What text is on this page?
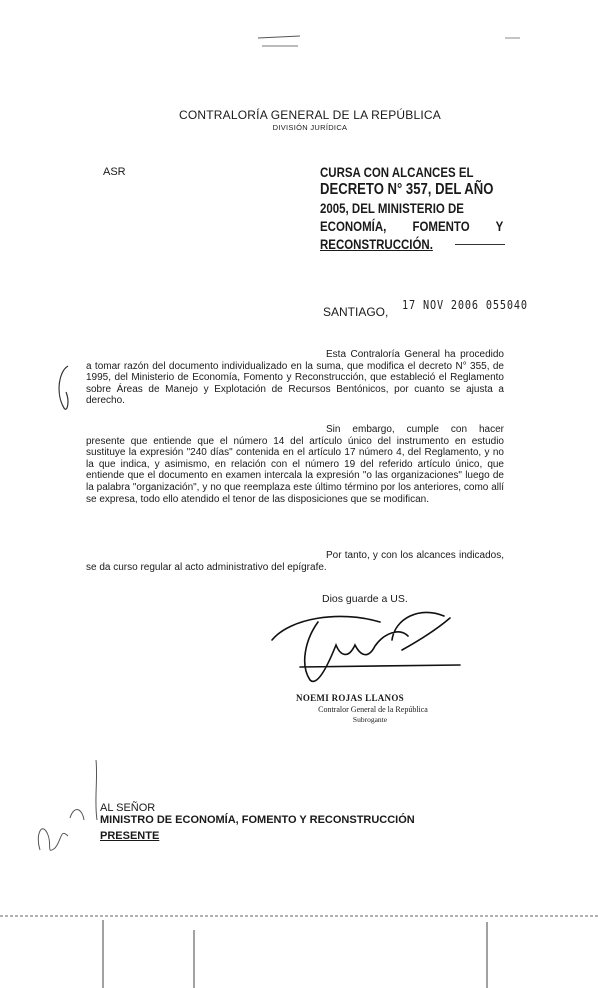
CONTRALORÍA GENERAL DE LA REPÚBLICA
DIVISIÓN JURÍDICA
ASR	CURSA CON ALCANCES EL
DECRETO N° 357, DEL AÑO
2005, DEL MINISTERIO DE
ECONOMÍA, FOMENTO Y
RECONSTRUCCIÓN.
SANTIAGO, 17 NOV 2006 055040
Esta Contraloría General ha procedido a tomar razón del documento individualizado en la suma, que modifica el decreto N° 355, de 1995, del Ministerio de Economía, Fomento y Reconstrucción, que estableció el Reglamento sobre Áreas de Manejo y Explotación de Recursos Bentónicos, por cuanto se ajusta a derecho.
Sin embargo, cumple con hacer presente que entiende que el número 14 del artículo único del instrumento en estudio sustituye la expresión "240 días" contenida en el artículo 17 número 4, del Reglamento, y no la que indica, y asimismo, en relación con el número 19 del referido artículo único, que entiende que el documento en examen intercala la expresión "o las organizaciones" luego de la palabra "organización", y no que reemplaza este último término por los anteriores, como allí se expresa, todo ello atendido el tenor de las disposiciones que se modifican.
Por tanto, y con los alcances indicados, se da curso regular al acto administrativo del epígrafe.
Dios guarde a US.
NOEMI ROJAS LLANOS
Contralor General de la República
Subrogante
AL SEÑOR
MINISTRO DE ECONOMÍA, FOMENTO Y RECONSTRUCCIÓN
PRESENTE
